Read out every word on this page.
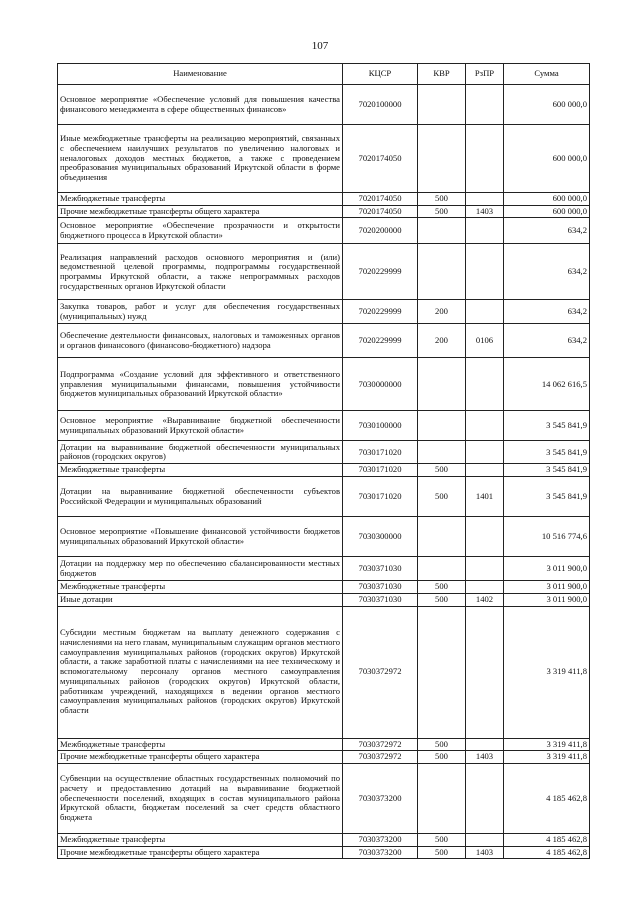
107
Наименование	КЦСР	КВР	РзПР	Сумма
Основное мероприятие «Обеспечение условий для повышения качества финансового менеджмента в сфере общественных финансов»	7020100000			600 000,0
Иные межбюджетные трансферты на реализацию мероприятий, связанных с обеспечением наилучших результатов по увеличению налоговых и неналоговых доходов местных бюджетов, а также с проведением преобразования муниципальных образований Иркутской области в форме объединения	7020174050			600 000,0
Межбюджетные трансферты	7020174050	500		600 000,0
Прочие межбюджетные трансферты общего характера	7020174050	500	1403	600 000,0
Основное мероприятие «Обеспечение прозрачности и открытости бюджетного процесса в Иркутской области»	7020200000			634,2
Реализация направлений расходов основного мероприятия и (или) ведомственной целевой программы, подпрограммы государственной программы Иркутской области, а также непрограммных расходов государственных органов Иркутской области	7020229999			634,2
Закупка товаров, работ и услуг для обеспечения государственных (муниципальных) нужд	7020229999	200		634,2
Обеспечение деятельности финансовых, налоговых и таможенных органов и органов финансового (финансово-бюджетного) надзора	7020229999	200	0106	634,2
Подпрограмма «Создание условий для эффективного и ответственного управления муниципальными финансами, повышения устойчивости бюджетов муниципальных образований Иркутской области»	7030000000			14 062 616,5
Основное мероприятие «Выравнивание бюджетной обеспеченности муниципальных образований Иркутской области»	7030100000			3 545 841,9
Дотации на выравнивание бюджетной обеспеченности муниципальных районов (городских округов)	7030171020			3 545 841,9
Межбюджетные трансферты	7030171020	500		3 545 841,9
Дотации на выравнивание бюджетной обеспеченности субъектов Российской Федерации и муниципальных образований	7030171020	500	1401	3 545 841,9
Основное мероприятие «Повышение финансовой устойчивости бюджетов муниципальных образований Иркутской области»	7030300000			10 516 774,6
Дотации на поддержку мер по обеспечению сбалансированности местных бюджетов	7030371030			3 011 900,0
Межбюджетные трансферты	7030371030	500		3 011 900,0
Иные дотации	7030371030	500	1402	3 011 900,0
Субсидии местным бюджетам на выплату денежного содержания с начислениями на него главам, муниципальным служащим органов местного самоуправления муниципальных районов (городских округов) Иркутской области, а также заработной платы с начислениями на нее техническому и вспомогательному персоналу органов местного самоуправления муниципальных районов (городских округов) Иркутской области, работникам учреждений, находящихся в ведении органов местного самоуправления муниципальных районов (городских округов) Иркутской области	7030372972			3 319 411,8
Межбюджетные трансферты	7030372972	500		3 319 411,8
Прочие межбюджетные трансферты общего характера	7030372972	500	1403	3 319 411,8
Субвенции на осуществление областных государственных полномочий по расчету и предоставлению дотаций на выравнивание бюджетной обеспеченности поселений, входящих в состав муниципального района Иркутской области, бюджетам поселений за счет средств областного бюджета	7030373200			4 185 462,8
Межбюджетные трансферты	7030373200	500		4 185 462,8
Прочие межбюджетные трансферты общего характера	7030373200	500	1403	4 185 462,8
